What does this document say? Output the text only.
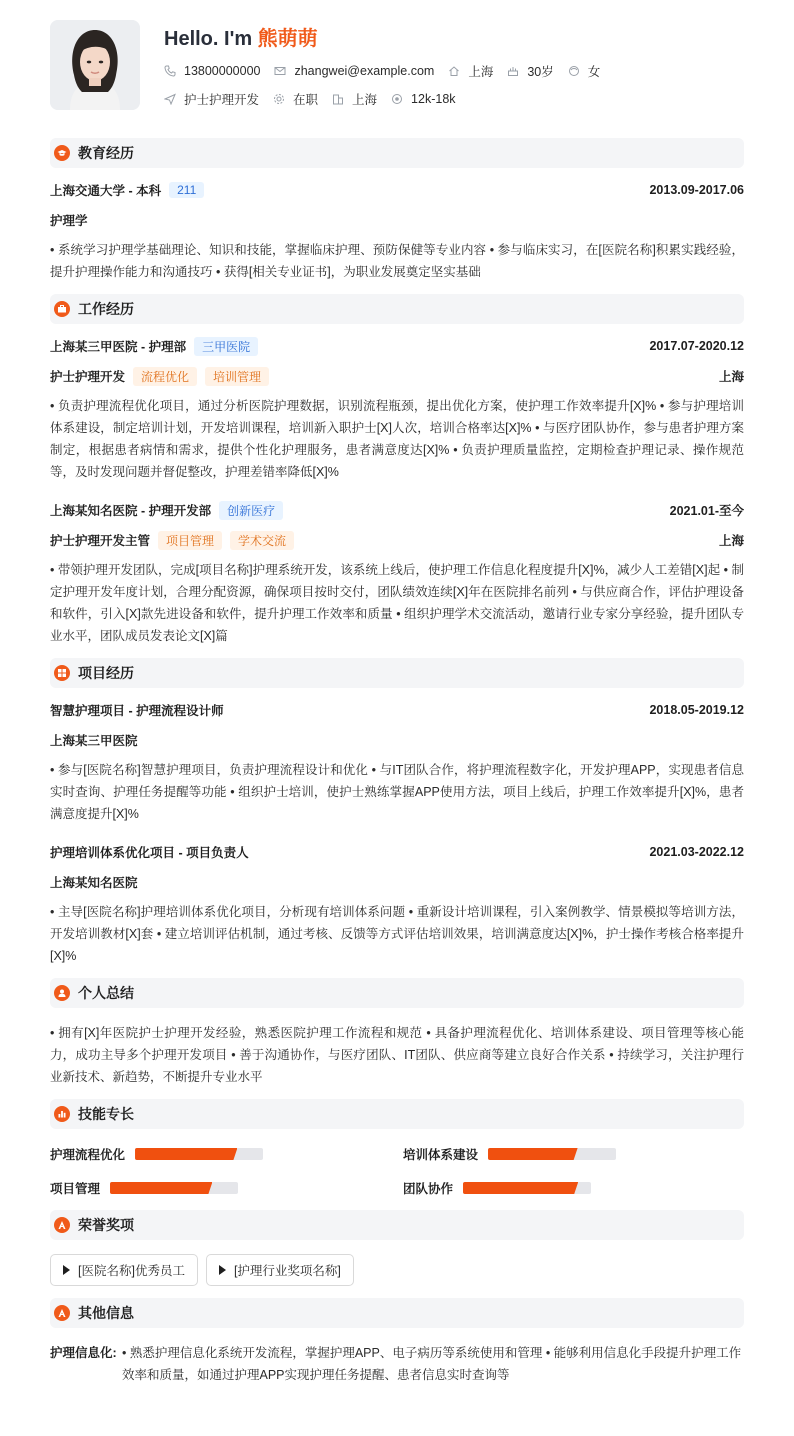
Hello. I'm 熊萌萌
13800000000	zhangwei@example.com	上海	30岁	女
护士护理开发	在职	上海	12k-18k
教育经历
上海交通大学 - 本科	211	2013.09-2017.06
护理学
• 系统学习护理学基础理论、知识和技能，掌握临床护理、预防保健等专业内容 • 参与临床实习，在[医院名称]积累实践经验，提升护理操作能力和沟通技巧 • 获得[相关专业证书]，为职业发展奠定坚实基础
工作经历
上海某三甲医院 - 护理部	三甲医院	2017.07-2020.12
护士护理开发	流程优化	培训管理	上海
• 负责护理流程优化项目，通过分析医院护理数据，识别流程瓶颈，提出优化方案，使护理工作效率提升[X]% • 参与护理培训体系建设，制定培训计划，开发培训课程，培训新入职护士[X]人次，培训合格率达[X]% • 与医疗团队协作，参与患者护理方案制定，根据患者病情和需求，提供个性化护理服务，患者满意度达[X]% • 负责护理质量监控，定期检查护理记录、操作规范等，及时发现问题并督促整改，护理差错率降低[X]%
上海某知名医院 - 护理开发部	创新医疗	2021.01-至今
护士护理开发主管	项目管理	学术交流	上海
• 带领护理开发团队，完成[项目名称]护理系统开发，该系统上线后，使护理工作信息化程度提升[X]%，减少人工差错[X]起 • 制定护理开发年度计划，合理分配资源，确保项目按时交付，团队绩效连续[X]年在医院排名前列 • 与供应商合作，评估护理设备和软件，引入[X]款先进设备和软件，提升护理工作效率和质量 • 组织护理学术交流活动，邀请行业专家分享经验，提升团队专业水平，团队成员发表论文[X]篇
项目经历
智慧护理项目 - 护理流程设计师	2018.05-2019.12
上海某三甲医院
• 参与[医院名称]智慧护理项目，负责护理流程设计和优化 • 与IT团队合作，将护理流程数字化，开发护理APP，实现患者信息实时查询、护理任务提醒等功能 • 组织护士培训，使护士熟练掌握APP使用方法，项目上线后，护理工作效率提升[X]%，患者满意度提升[X]%
护理培训体系优化项目 - 项目负责人	2021.03-2022.12
上海某知名医院
• 主导[医院名称]护理培训体系优化项目，分析现有培训体系问题 • 重新设计培训课程，引入案例教学、情景模拟等培训方法，开发培训教材[X]套 • 建立培训评估机制，通过考核、反馈等方式评估培训效果，培训满意度达[X]%，护士操作考核合格率提升[X]%
个人总结
• 拥有[X]年医院护士护理开发经验，熟悉医院护理工作流程和规范 • 具备护理流程优化、培训体系建设、项目管理等核心能力，成功主导多个护理开发项目 • 善于沟通协作，与医疗团队、IT团队、供应商等建立良好合作关系 • 持续学习，关注护理行业新技术、新趋势，不断提升专业水平
技能专长
护理流程优化	培训体系建设
项目管理	团队协作
荣誉奖项
[医院名称]优秀员工	[护理行业奖项名称]
其他信息
护理信息化: • 熟悉护理信息化系统开发流程，掌握护理APP、电子病历等系统使用和管理 • 能够利用信息化手段提升护理工作效率和质量，如通过护理APP实现护理任务提醒、患者信息实时查询等
